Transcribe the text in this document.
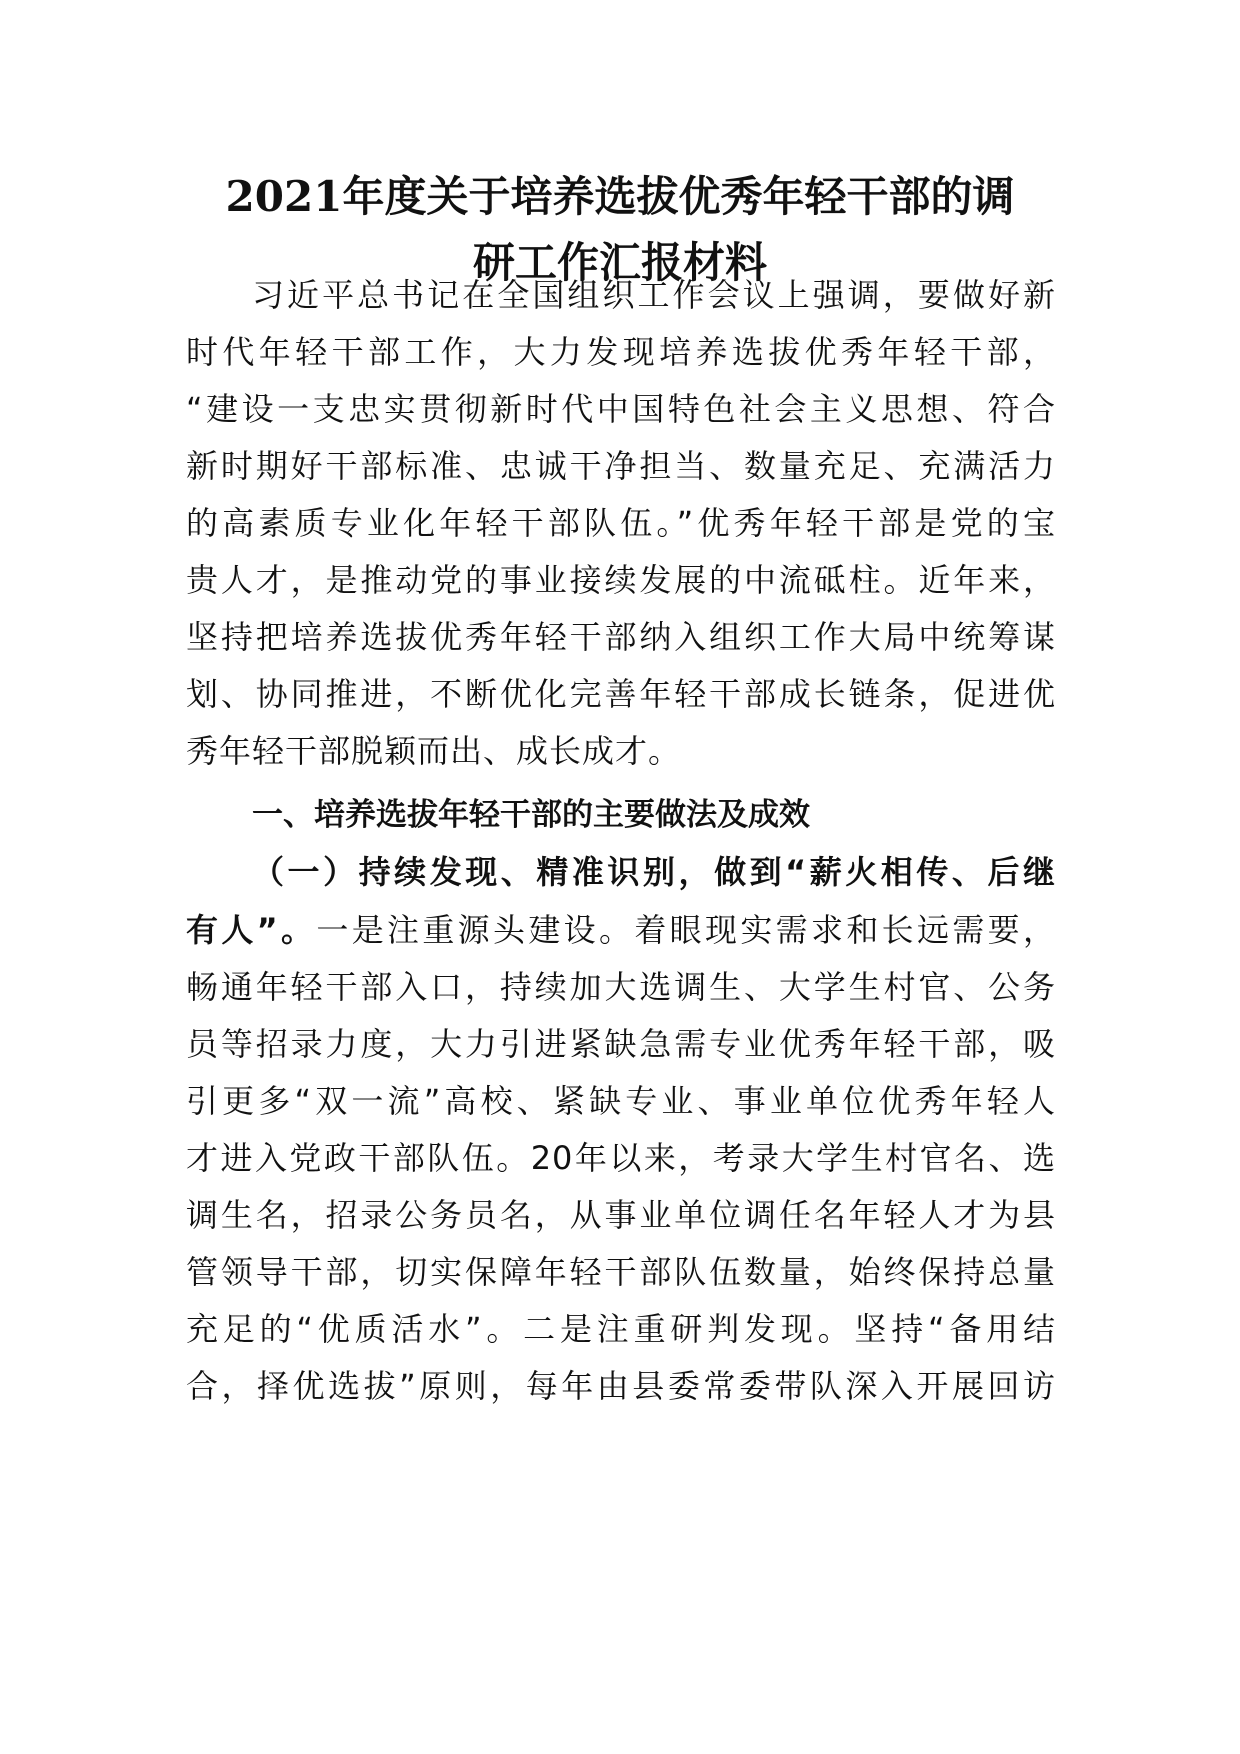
2021年度关于培养选拔优秀年轻干部的调
研工作汇报材料
习近平总书记在全国组织工作会议上强调，要做好新
时代年轻干部工作，大力发现培养选拔优秀年轻干部，
“建设一支忠实贯彻新时代中国特色社会主义思想、符合
新时期好干部标准、忠诚干净担当、数量充足、充满活力
的高素质专业化年轻干部队伍。”优秀年轻干部是党的宝
贵人才，是推动党的事业接续发展的中流砥柱。近年来，
坚持把培养选拔优秀年轻干部纳入组织工作大局中统筹谋
划、协同推进，不断优化完善年轻干部成长链条，促进优
秀年轻干部脱颖而出、成长成才。
一、培养选拔年轻干部的主要做法及成效
（一）持续发现、精准识别，做到“薪火相传、后继
有人”。一是注重源头建设。着眼现实需求和长远需要，
畅通年轻干部入口，持续加大选调生、大学生村官、公务
员等招录力度，大力引进紧缺急需专业优秀年轻干部，吸
引更多“双一流”高校、紧缺专业、事业单位优秀年轻人
才进入党政干部队伍。20年以来，考录大学生村官名、选
调生名，招录公务员名，从事业单位调任名年轻人才为县
管领导干部，切实保障年轻干部队伍数量，始终保持总量
充足的“优质活水”。二是注重研判发现。坚持“备用结
合，择优选拔”原则，每年由县委常委带队深入开展回访
